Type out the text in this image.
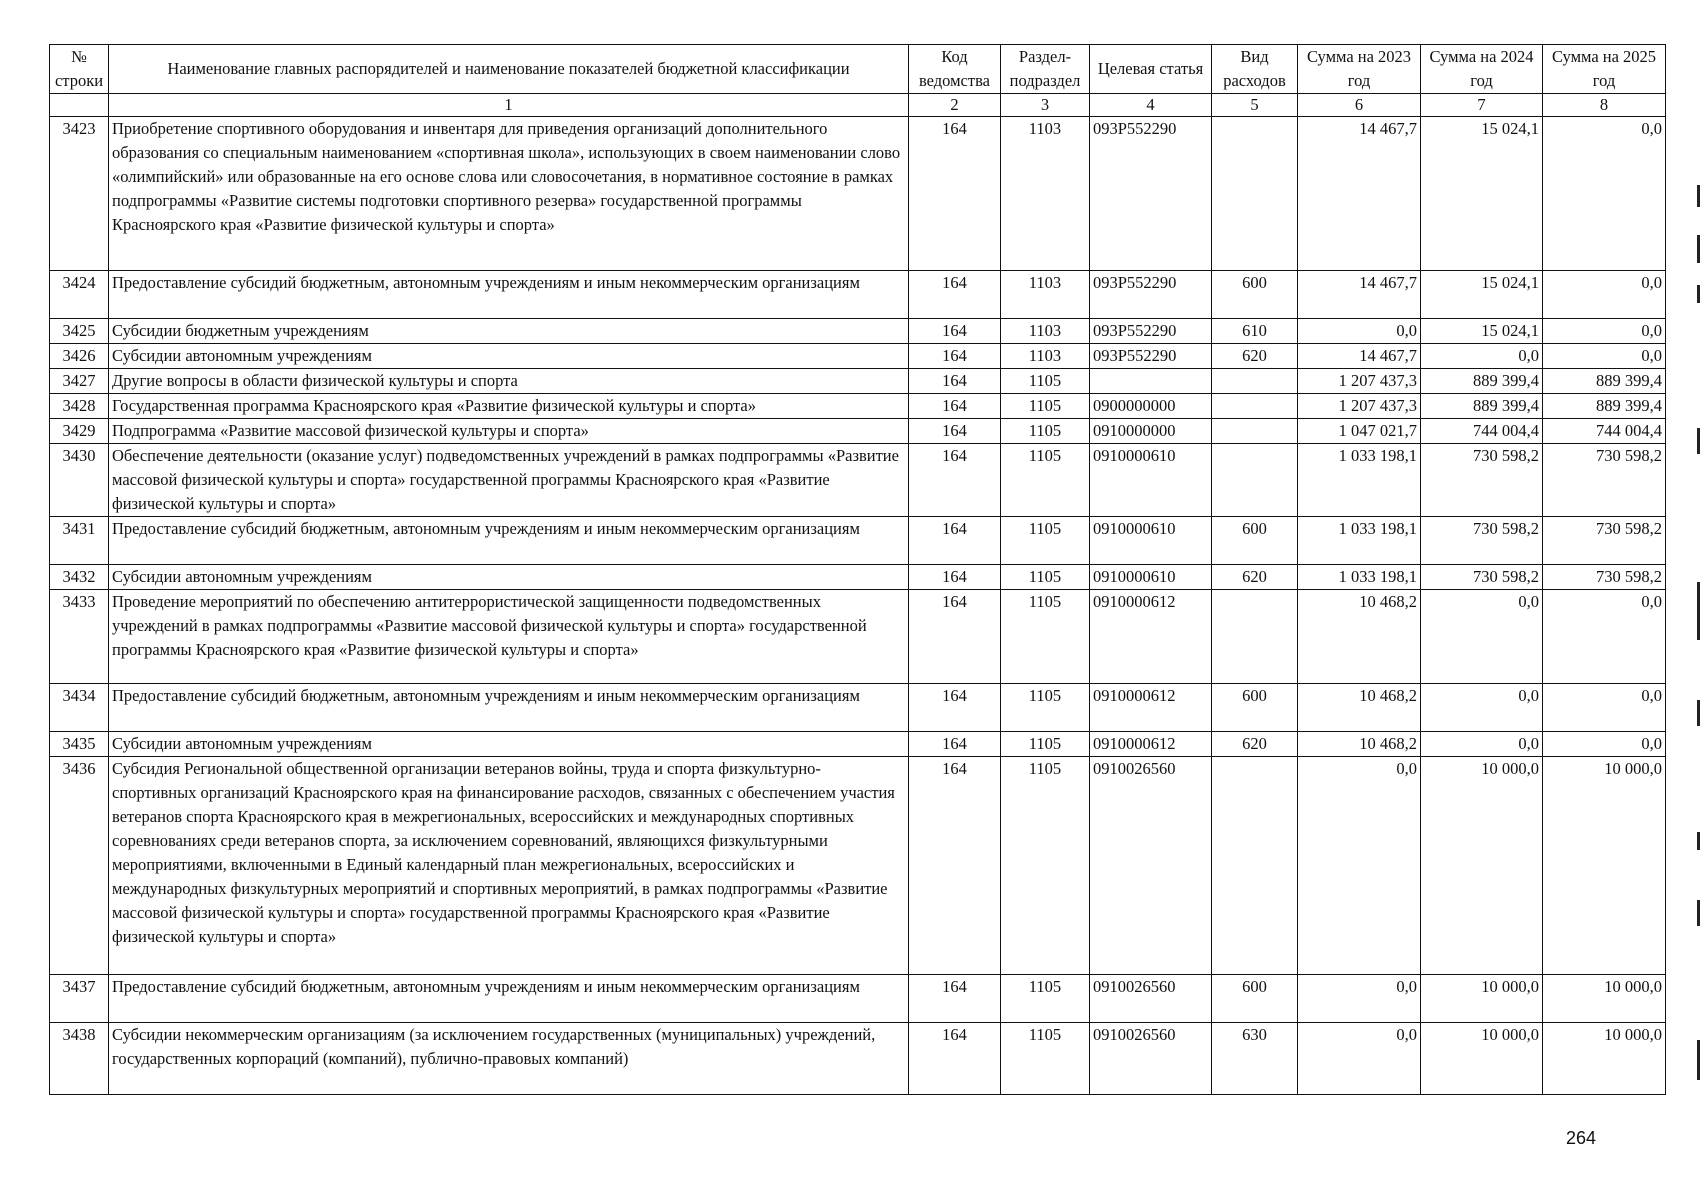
№ строки	Наименование главных распорядителей и наименование показателей бюджетной классификации	Код ведомства	Раздел-подраздел	Целевая статья	Вид расходов	Сумма на 2023 год	Сумма на 2024 год	Сумма на 2025 год
	1	2	3	4	5	6	7	8
3423	Приобретение спортивного оборудования и инвентаря для приведения организаций дополнительного образования со специальным наименованием «спортивная школа», использующих в своем наименовании слово «олимпийский» или образованные на его основе слова или словосочетания, в нормативное состояние в рамках подпрограммы «Развитие системы подготовки спортивного резерва» государственной программы Красноярского края «Развитие физической культуры и спорта»	164	1103	093Р552290		14 467,7	15 024,1	0,0
3424	Предоставление субсидий бюджетным, автономным учреждениям и иным некоммерческим организациям	164	1103	093Р552290	600	14 467,7	15 024,1	0,0
3425	Субсидии бюджетным учреждениям	164	1103	093Р552290	610	0,0	15 024,1	0,0
3426	Субсидии автономным учреждениям	164	1103	093Р552290	620	14 467,7	0,0	0,0
3427	Другие вопросы в области физической культуры и спорта	164	1105			1 207 437,3	889 399,4	889 399,4
3428	Государственная программа Красноярского края «Развитие физической культуры и спорта»	164	1105	0900000000		1 207 437,3	889 399,4	889 399,4
3429	Подпрограмма «Развитие массовой физической культуры и спорта»	164	1105	0910000000		1 047 021,7	744 004,4	744 004,4
3430	Обеспечение деятельности (оказание услуг) подведомственных учреждений в рамках подпрограммы «Развитие массовой физической культуры и спорта» государственной программы Красноярского края «Развитие физической культуры и спорта»	164	1105	0910000610		1 033 198,1	730 598,2	730 598,2
3431	Предоставление субсидий бюджетным, автономным учреждениям и иным некоммерческим организациям	164	1105	0910000610	600	1 033 198,1	730 598,2	730 598,2
3432	Субсидии автономным учреждениям	164	1105	0910000610	620	1 033 198,1	730 598,2	730 598,2
3433	Проведение мероприятий по обеспечению антитеррористической защищенности подведомственных учреждений в рамках подпрограммы «Развитие массовой физической культуры и спорта» государственной программы Красноярского края «Развитие физической культуры и спорта»	164	1105	0910000612		10 468,2	0,0	0,0
3434	Предоставление субсидий бюджетным, автономным учреждениям и иным некоммерческим организациям	164	1105	0910000612	600	10 468,2	0,0	0,0
3435	Субсидии автономным учреждениям	164	1105	0910000612	620	10 468,2	0,0	0,0
3436	Субсидия Региональной общественной организации ветеранов войны, труда и спорта физкультурно-спортивных организаций Красноярского края на финансирование расходов, связанных с обеспечением участия ветеранов спорта Красноярского края в межрегиональных, всероссийских и международных спортивных соревнованиях среди ветеранов спорта, за исключением соревнований, являющихся физкультурными мероприятиями, включенными в Единый календарный план межрегиональных, всероссийских и международных физкультурных мероприятий и спортивных мероприятий, в рамках подпрограммы «Развитие массовой физической культуры и спорта» государственной программы Красноярского края «Развитие физической культуры и спорта»	164	1105	0910026560		0,0	10 000,0	10 000,0
3437	Предоставление субсидий бюджетным, автономным учреждениям и иным некоммерческим организациям	164	1105	0910026560	600	0,0	10 000,0	10 000,0
3438	Субсидии некоммерческим организациям (за исключением государственных (муниципальных) учреждений, государственных корпораций (компаний), публично-правовых компаний)	164	1105	0910026560	630	0,0	10 000,0	10 000,0
264
